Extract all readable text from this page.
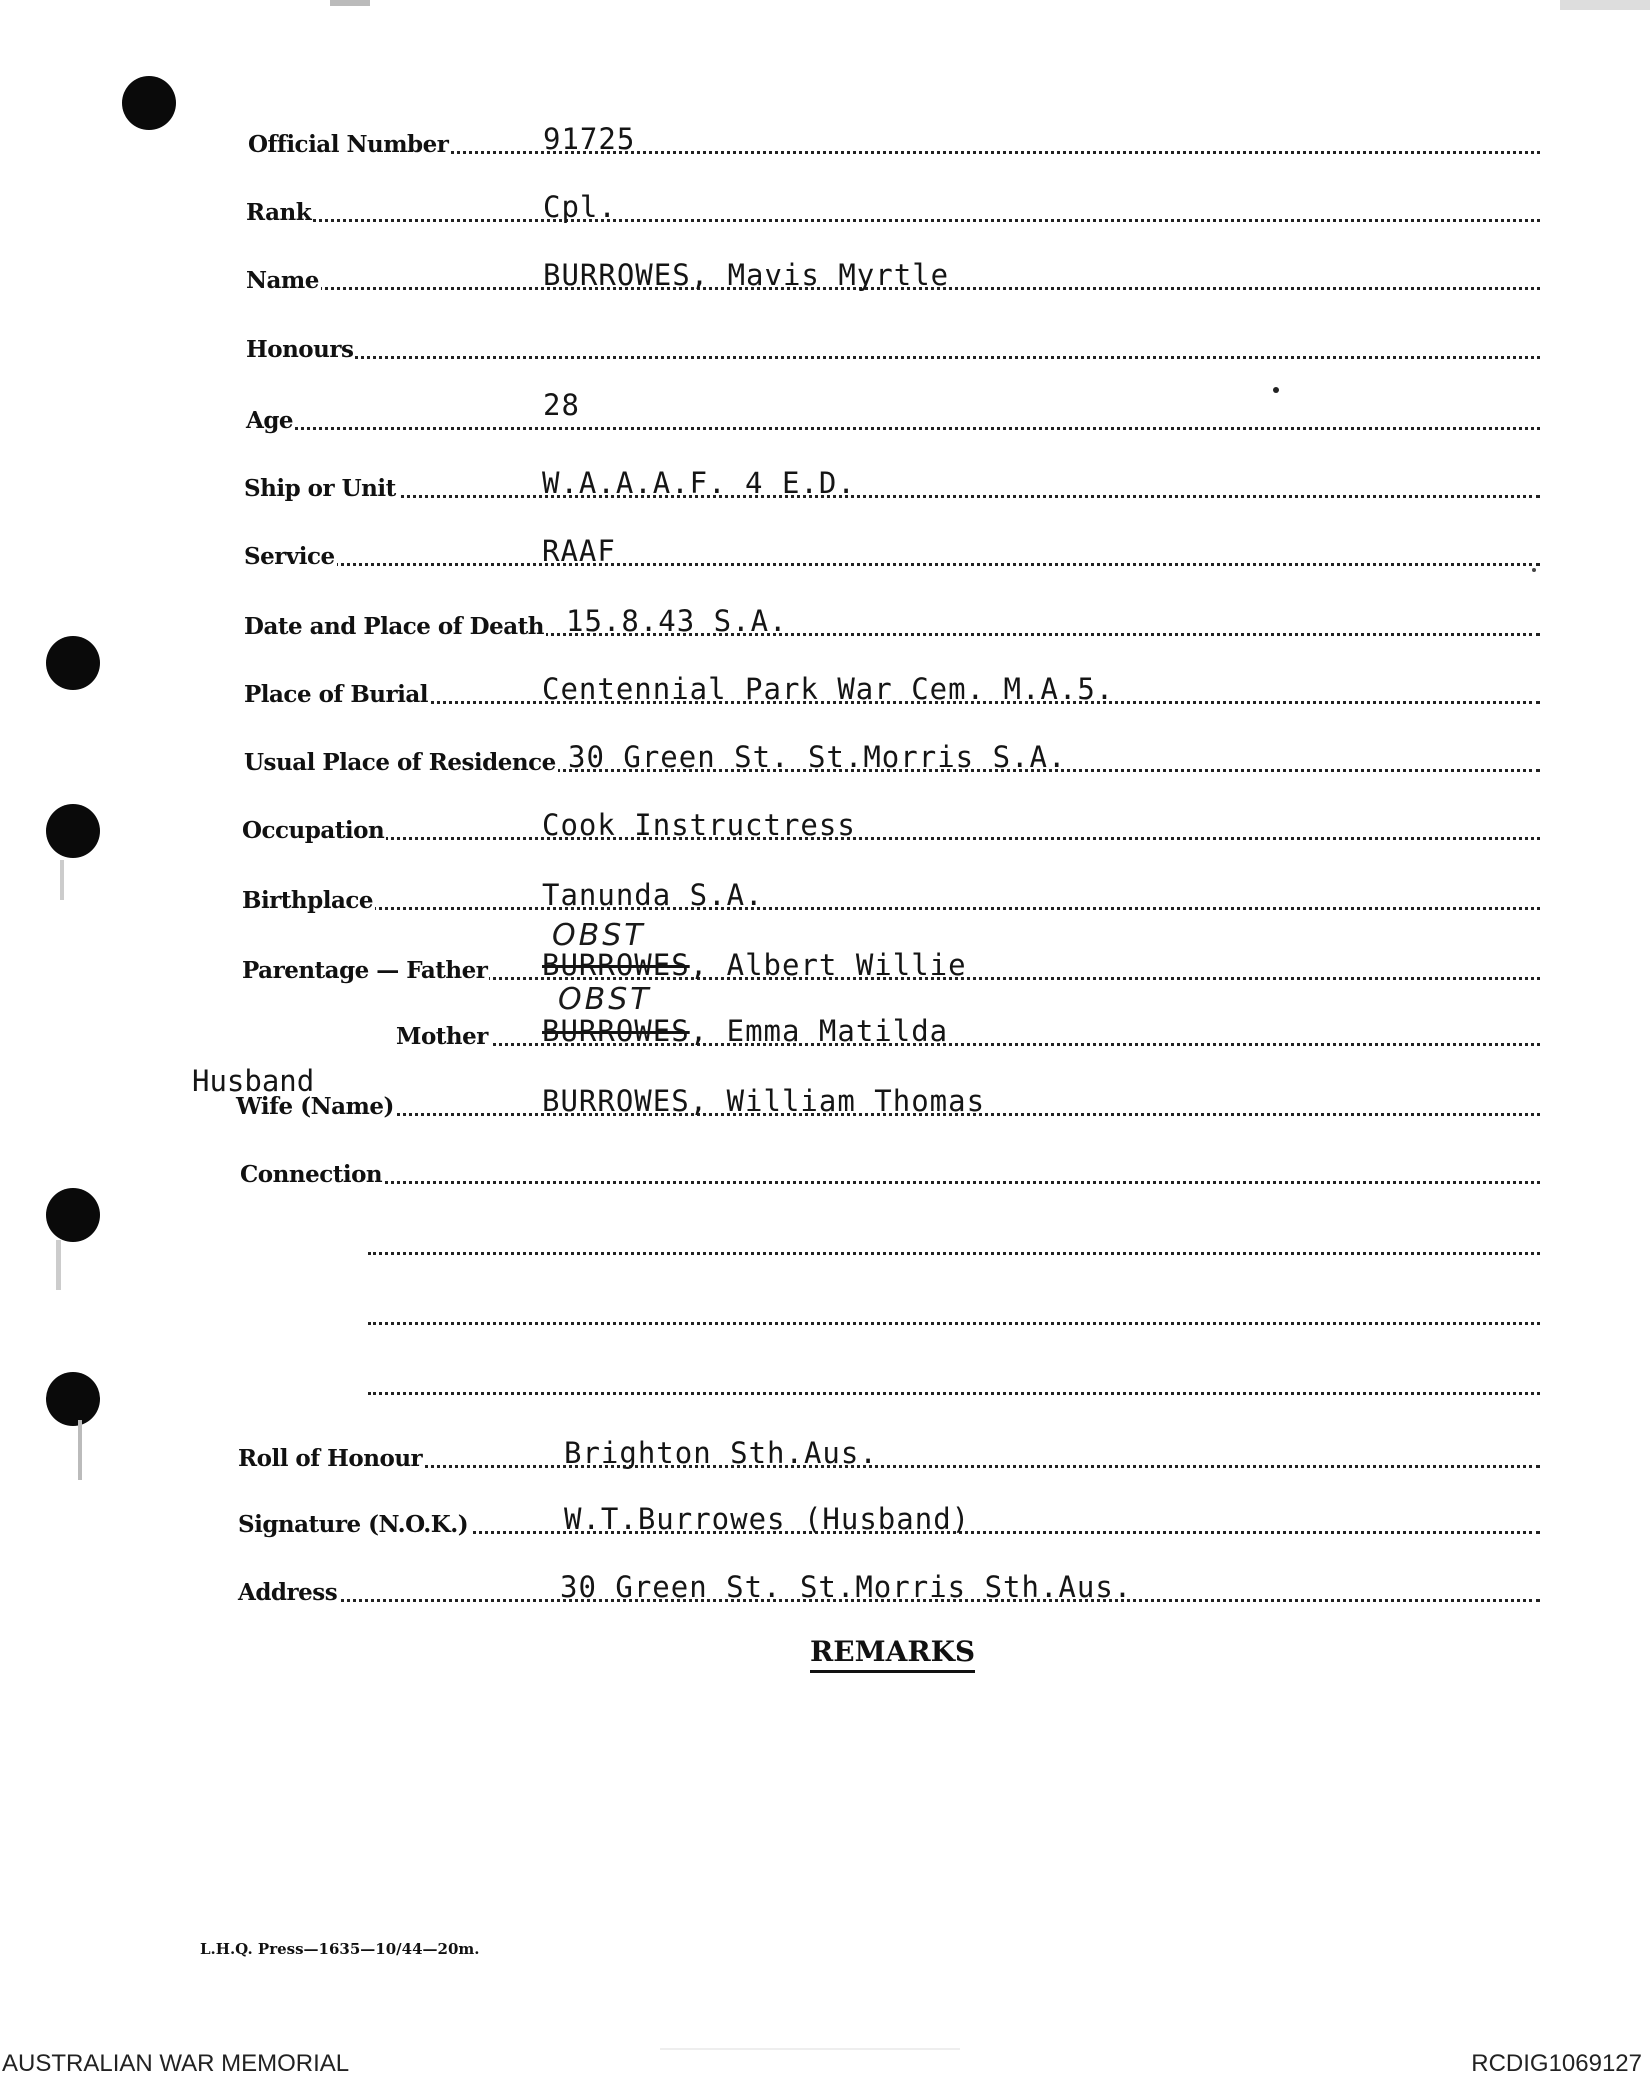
Official Number	91725
Rank	Cpl.
Name	BURROWES, Mavis Myrtle
Honours
Age	28
Ship or Unit	W.A.A.A.F. 4 E.D.
Service	RAAF
Date and Place of Death 15.8.43 S.A.
Place of Burial	Centennial Park War Cem. M.A.5.
Usual Place of Residence 30 Green St. St.Morris S.A.
Occupation	Cook Instructress
Birthplace	Tanunda S.A.
OBST
Parentage — Father BURROWES, Albert Willie
OBST
Mother BURROWES, Emma Matilda
Husband
Wife (Name)	BURROWES, William Thomas
Connection
Roll of Honour	Brighton Sth.Aus.
Signature (N.O.K.)	W.T.Burrowes (Husband)
Address	30 Green St. St.Morris Sth.Aus.
REMARKS
L.H.Q. Press—1635—10/44—20m.
AUSTRALIAN WAR MEMORIAL	RCDIG1069127
